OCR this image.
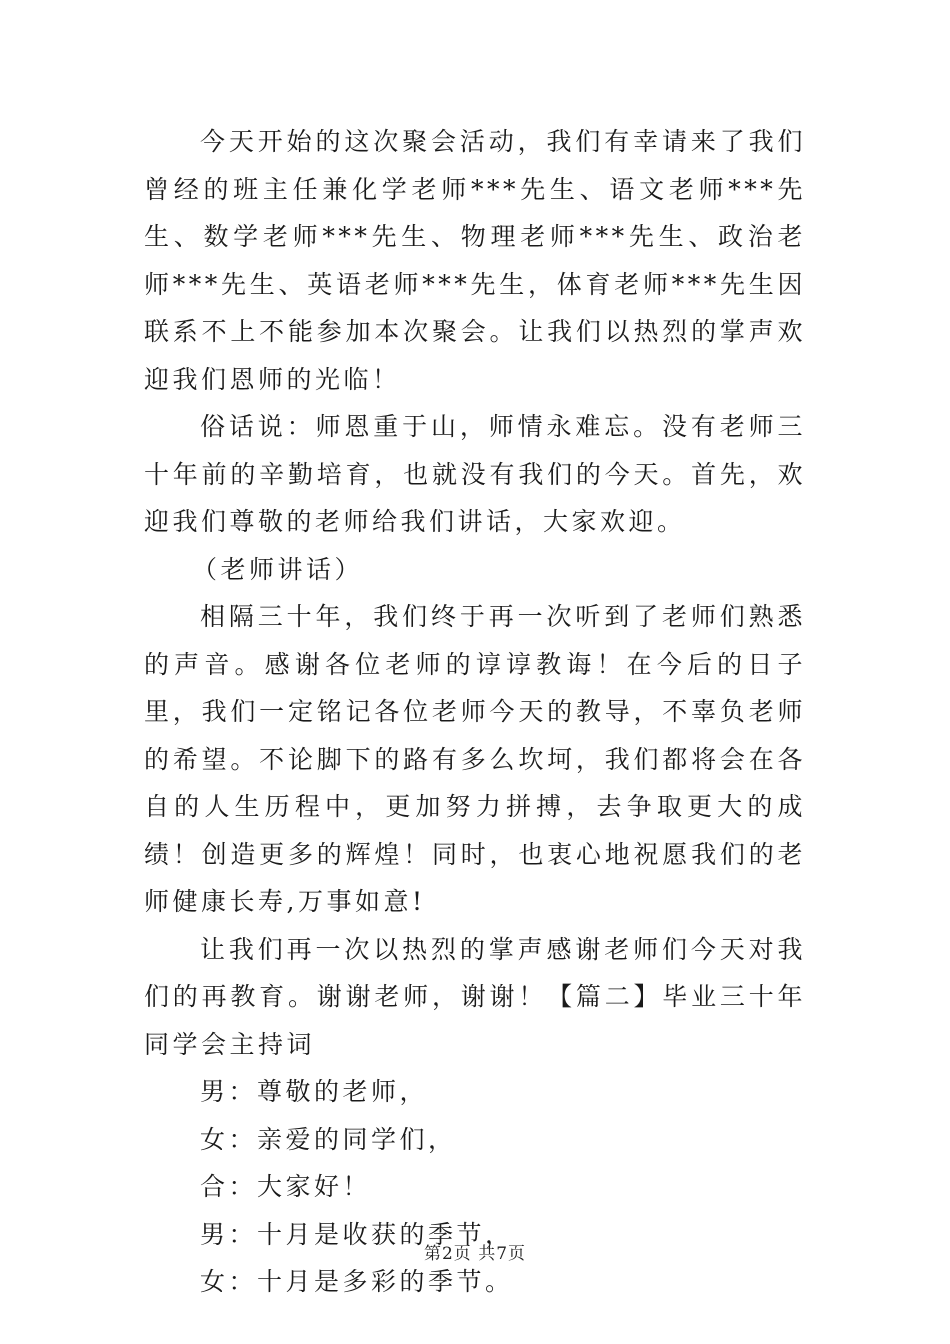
今天开始的这次聚会活动，我们有幸请来了我们曾经的班主任兼化学老师***先生、语文老师***先生、数学老师***先生、物理老师***先生、政治老师***先生、英语老师***先生，体育老师***先生因联系不上不能参加本次聚会。让我们以热烈的掌声欢迎我们恩师的光临！

俗话说：师恩重于山，师情永难忘。没有老师三十年前的辛勤培育，也就没有我们的今天。首先，欢迎我们尊敬的老师给我们讲话，大家欢迎。

（老师讲话）

相隔三十年，我们终于再一次听到了老师们熟悉的声音。感谢各位老师的谆谆教诲！在今后的日子里，我们一定铭记各位老师今天的教导，不辜负老师的希望。不论脚下的路有多么坎坷，我们都将会在各自的人生历程中，更加努力拼搏，去争取更大的成绩！创造更多的辉煌！同时，也衷心地祝愿我们的老师健康长寿,万事如意!

让我们再一次以热烈的掌声感谢老师们今天对我们的再教育。谢谢老师，谢谢！【篇二】毕业三十年同学会主持词

男：尊敬的老师，

女：亲爱的同学们，

合：大家好！

男：十月是收获的季节，

女：十月是多彩的季节。

第2页 共7页
